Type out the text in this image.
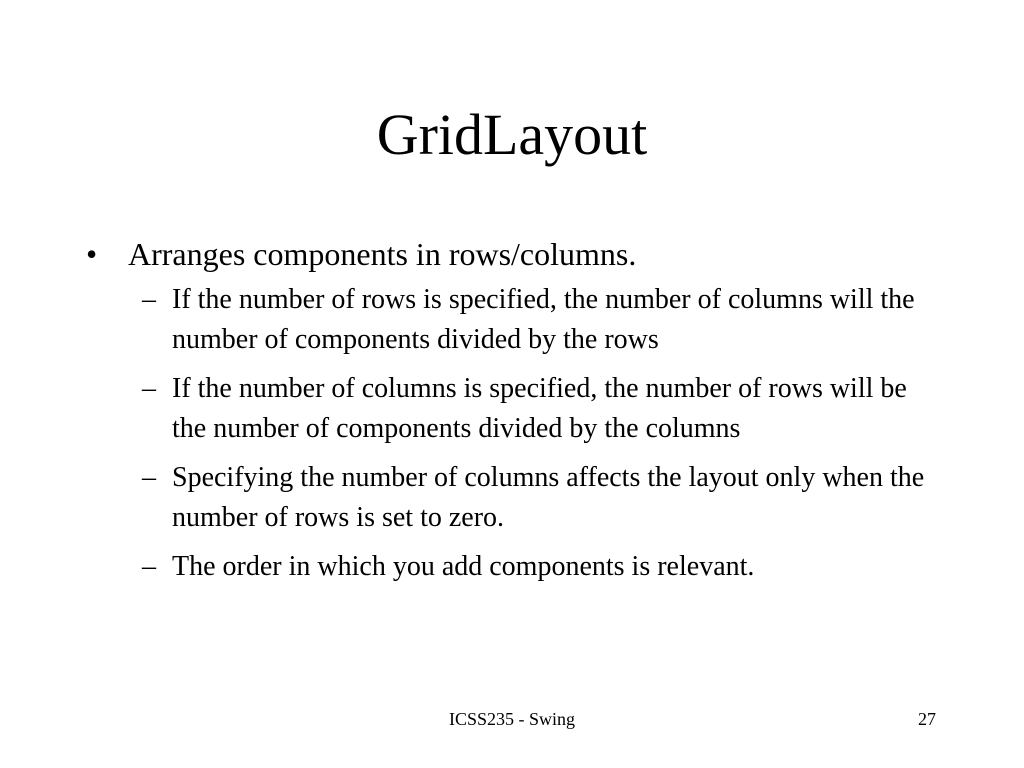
GridLayout
• Arranges components in rows/columns.
– If the number of rows is specified, the number of columns will the number of components divided by the rows
– If the number of columns is specified, the number of rows will be the number of components divided by the columns
– Specifying the number of columns affects the layout only when the number of rows is set to zero.
– The order in which you add components is relevant.
ICSS235 - Swing	27
